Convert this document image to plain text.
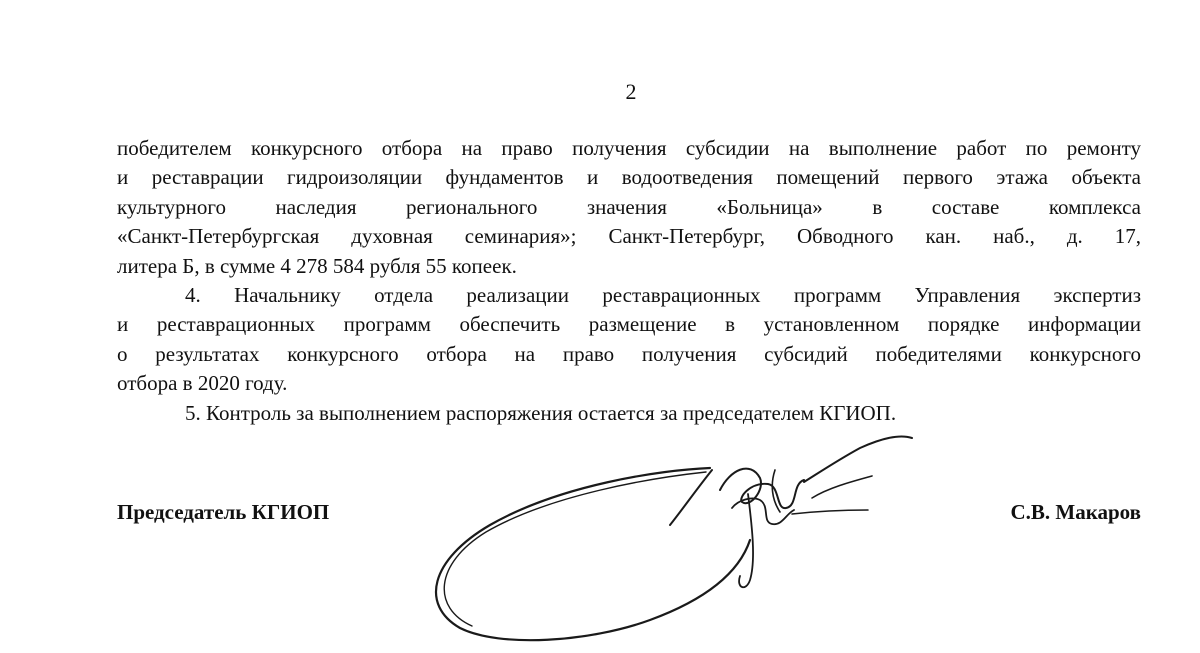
2
победителем конкурсного отбора на право получения субсидии на выполнение работ по ремонту
и реставрации гидроизоляции фундаментов и водоотведения помещений первого этажа объекта
культурного наследия регионального значения «Больница» в составе комплекса
«Санкт-Петербургская духовная семинария»; Санкт-Петербург, Обводного кан. наб., д. 17,
литера Б, в сумме 4 278 584 рубля 55 копеек.
4. Начальнику отдела реализации реставрационных программ Управления экспертиз
и реставрационных программ обеспечить размещение в установленном порядке информации
о результатах конкурсного отбора на право получения субсидий победителями конкурсного
отбора в 2020 году.
5. Контроль за выполнением распоряжения остается за председателем КГИОП.
Председатель КГИОП	С.В. Макаров
